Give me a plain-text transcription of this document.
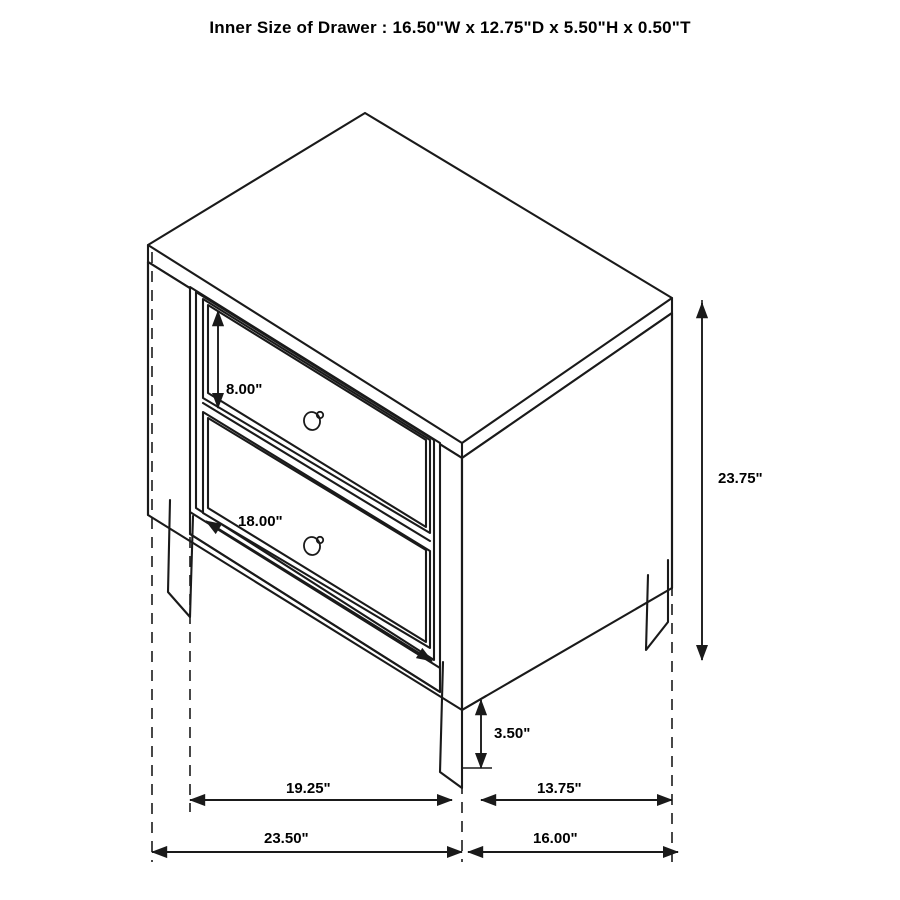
Inner Size of Drawer : 16.50"W x 12.75"D x 5.50"H x 0.50"T
8.00"
18.00"
23.75"
3.50"
19.25"	13.75"
23.50"	16.00"
